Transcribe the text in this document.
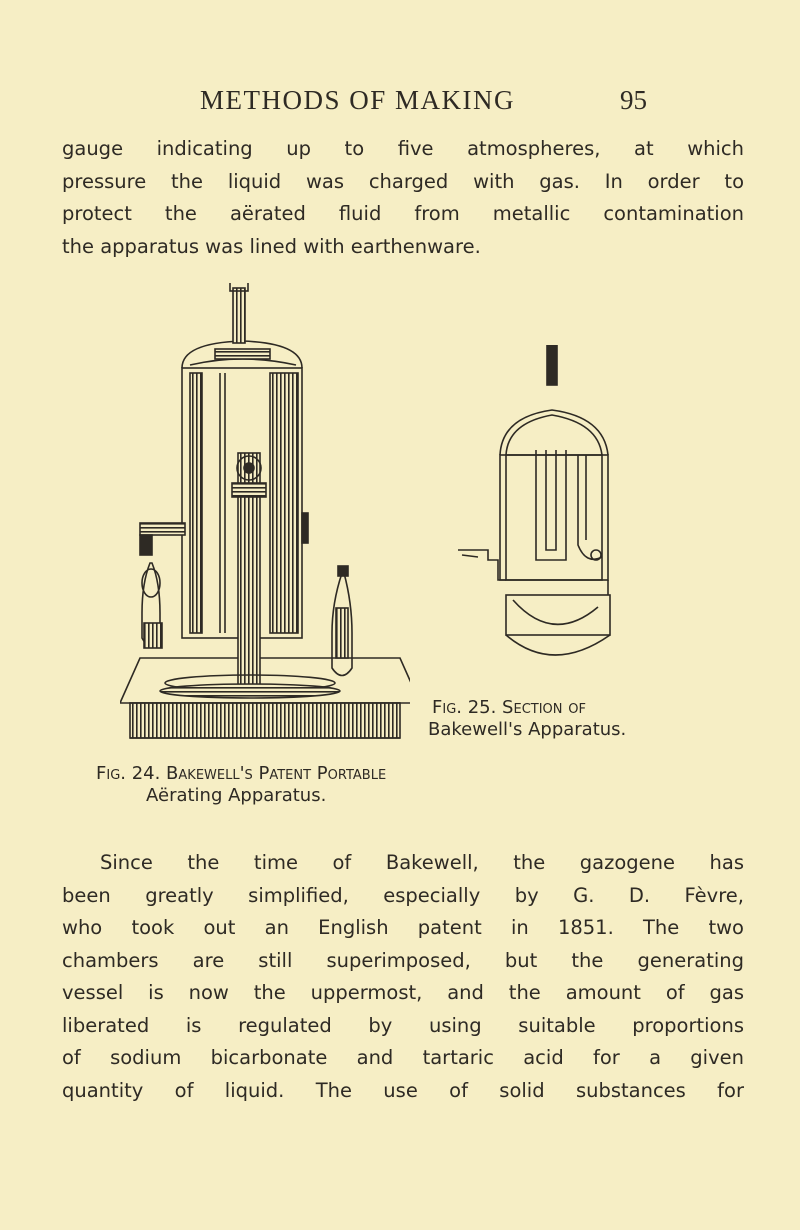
METHODS OF MAKING	95
gauge indicating up to five atmospheres, at which
pressure the liquid was charged with gas. In order to
protect the aërated fluid from metallic contamination
the apparatus was lined with earthenware.
Fig. 25. Section of
Bakewell's Apparatus.
Fig. 24. Bakewell's Patent Portable
Aërating Apparatus.
Since the time of Bakewell, the gazogene has
been greatly simplified, especially by G. D. Fèvre,
who took out an English patent in 1851. The two
chambers are still superimposed, but the generating
vessel is now the uppermost, and the amount of gas
liberated is regulated by using suitable proportions
of sodium bicarbonate and tartaric acid for a given
quantity of liquid. The use of solid substances for
